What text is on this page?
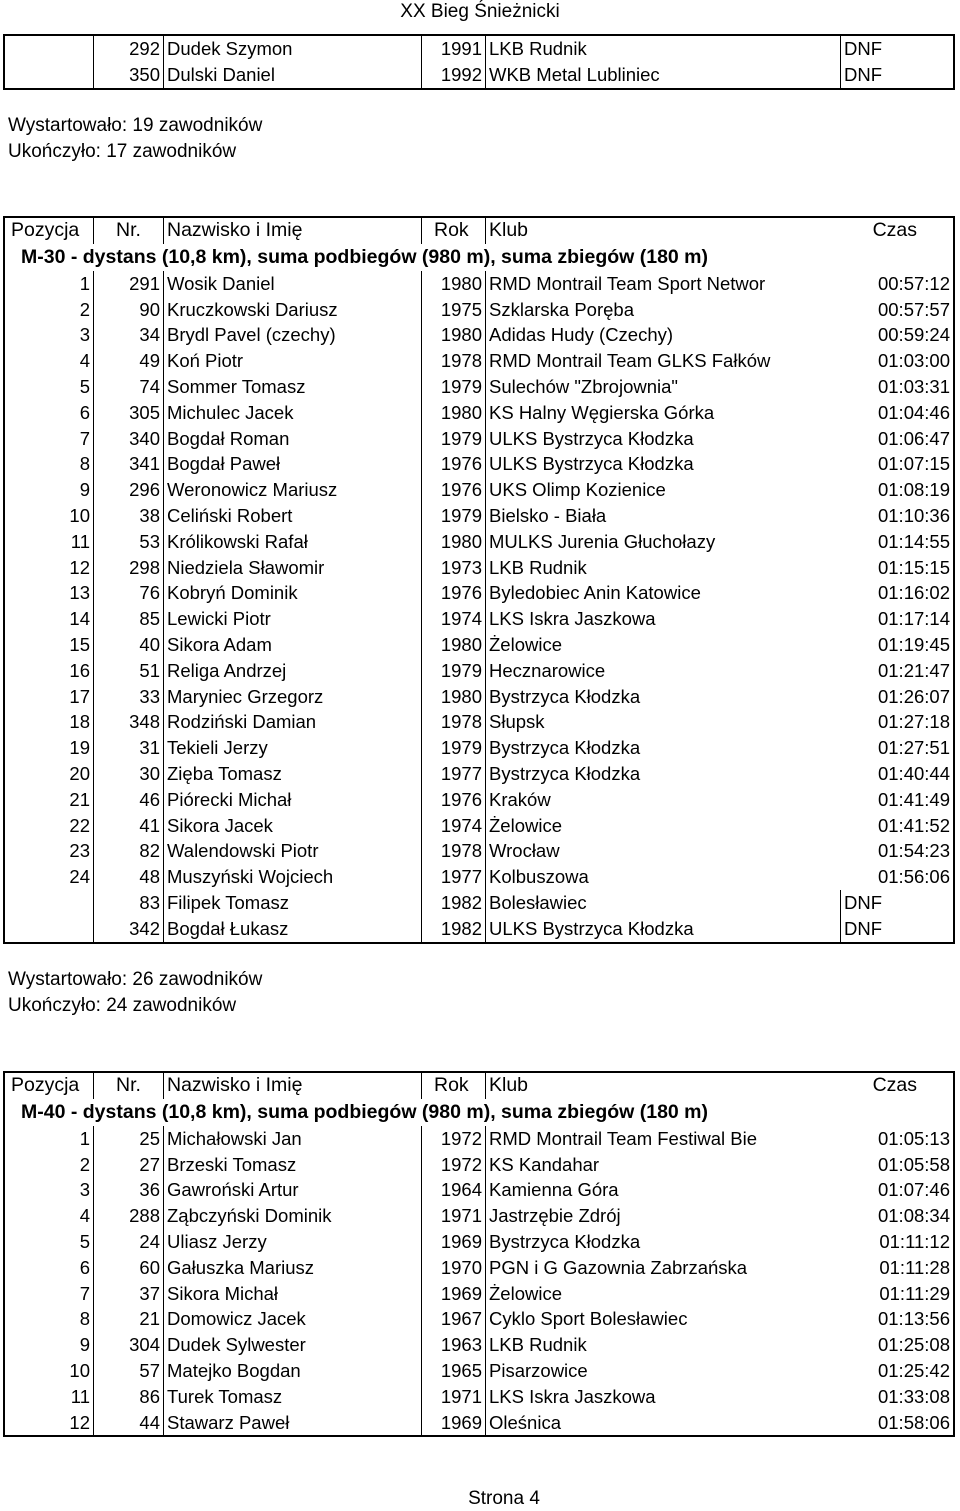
XX Bieg Śnieżnicki
292 Dudek Szymon	1991 LKB Rudnik	DNF
350 Dulski Daniel	1992 WKB Metal Lubliniec	DNF
Wystartowało: 19 zawodników
Ukończyło: 17 zawodników
Pozycja	Nr.	Nazwisko i Imię	Rok	Klub	Czas
M-30 - dystans (10,8 km), suma podbiegów (980 m), suma zbiegów (180 m)
1	291 Wosik Daniel	1980 RMD Montrail Team Sport Networ	00:57:12
2	90 Kruczkowski Dariusz	1975 Szklarska Poręba	00:57:57
3	34 Brydl Pavel (czechy)	1980 Adidas Hudy (Czechy)	00:59:24
4	49 Koń Piotr	1978 RMD Montrail Team GLKS Fałków	01:03:00
5	74 Sommer Tomasz	1979 Sulechów "Zbrojownia"	01:03:31
6	305 Michulec Jacek	1980 KS Halny Węgierska Górka	01:04:46
7	340 Bogdał Roman	1979 ULKS Bystrzyca Kłodzka	01:06:47
8	341 Bogdał Paweł	1976 ULKS Bystrzyca Kłodzka	01:07:15
9	296 Weronowicz Mariusz	1976 UKS Olimp Kozienice	01:08:19
10	38 Celiński Robert	1979 Bielsko - Biała	01:10:36
11	53 Królikowski Rafał	1980 MULKS Jurenia Głuchołazy	01:14:55
12	298 Niedziela Sławomir	1973 LKB Rudnik	01:15:15
13	76 Kobryń Dominik	1976 Byledobiec Anin Katowice	01:16:02
14	85 Lewicki Piotr	1974 LKS Iskra Jaszkowa	01:17:14
15	40 Sikora Adam	1980 Żelowice	01:19:45
16	51 Religa Andrzej	1979 Hecznarowice	01:21:47
17	33 Maryniec Grzegorz	1980 Bystrzyca Kłodzka	01:26:07
18	348 Rodziński Damian	1978 Słupsk	01:27:18
19	31 Tekieli Jerzy	1979 Bystrzyca Kłodzka	01:27:51
20	30 Zięba Tomasz	1977 Bystrzyca Kłodzka	01:40:44
21	46 Piórecki Michał	1976 Kraków	01:41:49
22	41 Sikora Jacek	1974 Żelowice	01:41:52
23	82 Walendowski Piotr	1978 Wrocław	01:54:23
24	48 Muszyński Wojciech	1977 Kolbuszowa	01:56:06
83 Filipek Tomasz	1982 Bolesławiec	DNF
342 Bogdał Łukasz	1982 ULKS Bystrzyca Kłodzka	DNF
Wystartowało: 26 zawodników
Ukończyło: 24 zawodników
Pozycja	Nr.	Nazwisko i Imię	Rok	Klub	Czas
M-40 - dystans (10,8 km), suma podbiegów (980 m), suma zbiegów (180 m)
1	25 Michałowski Jan	1972 RMD Montrail Team Festiwal Bie	01:05:13
2	27 Brzeski Tomasz	1972 KS Kandahar	01:05:58
3	36 Gawroński Artur	1964 Kamienna Góra	01:07:46
4	288 Ząbczyński Dominik	1971 Jastrzębie Zdrój	01:08:34
5	24 Uliasz Jerzy	1969 Bystrzyca Kłodzka	01:11:12
6	60 Gałuszka Mariusz	1970 PGN i G Gazownia Zabrzańska	01:11:28
7	37 Sikora Michał	1969 Żelowice	01:11:29
8	21 Domowicz Jacek	1967 Cyklo Sport Bolesławiec	01:13:56
9	304 Dudek Sylwester	1963 LKB Rudnik	01:25:08
10	57 Matejko Bogdan	1965 Pisarzowice	01:25:42
11	86 Turek Tomasz	1971 LKS Iskra Jaszkowa	01:33:08
12	44 Stawarz Paweł	1969 Oleśnica	01:58:06
Strona 4
